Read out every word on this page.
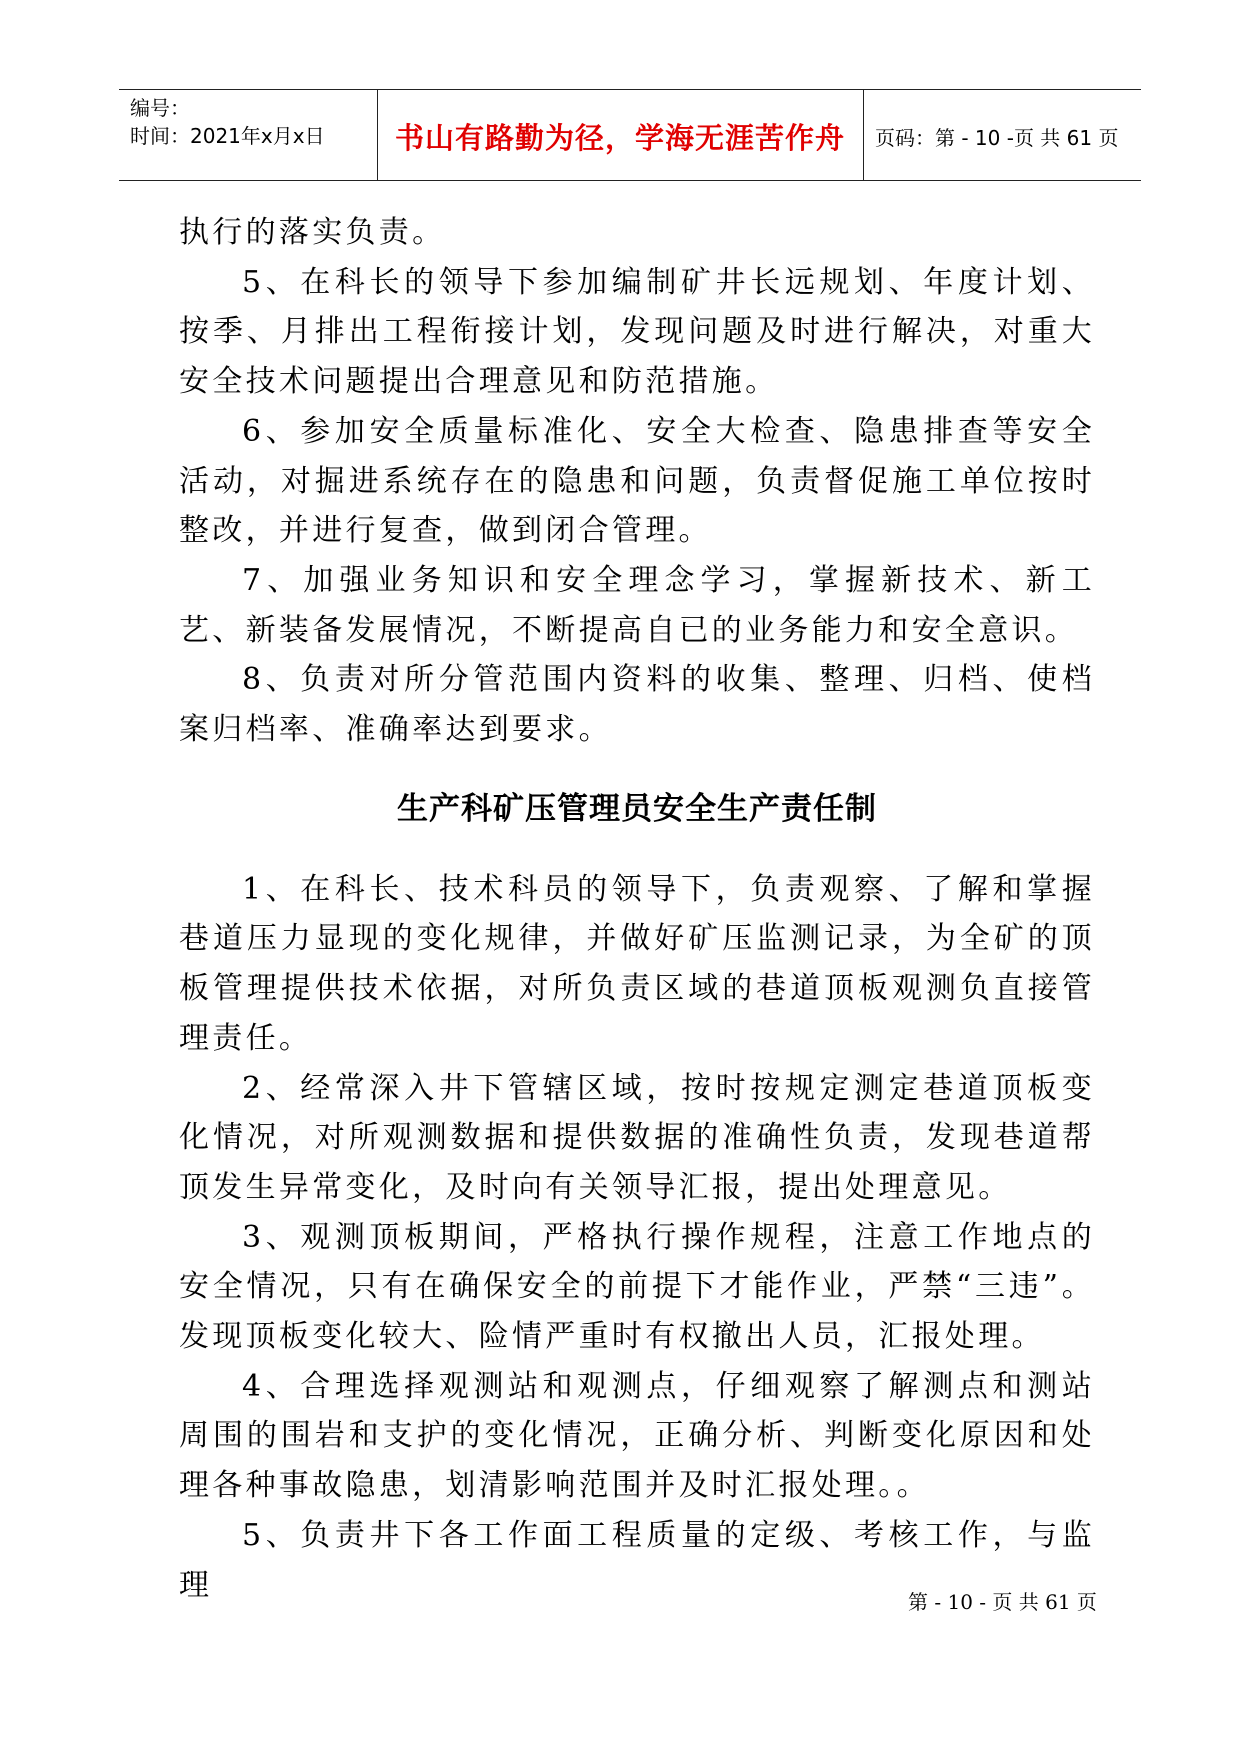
编号：
时间：2021年x月x日	书山有路勤为径，学海无涯苦作舟	页码：第 - 10 -页 共 61 页

执行的落实负责。

5、在科长的领导下参加编制矿井长远规划、年度计划、按季、月排出工程衔接计划，发现问题及时进行解决，对重大安全技术问题提出合理意见和防范措施。

6、参加安全质量标准化、安全大检查、隐患排查等安全活动，对掘进系统存在的隐患和问题，负责督促施工单位按时整改，并进行复查，做到闭合管理。

7、加强业务知识和安全理念学习，掌握新技术、新工艺、新装备发展情况，不断提高自已的业务能力和安全意识。

8、负责对所分管范围内资料的收集、整理、归档、使档案归档率、准确率达到要求。

生产科矿压管理员安全生产责任制

1、在科长、技术科员的领导下，负责观察、了解和掌握巷道压力显现的变化规律，并做好矿压监测记录，为全矿的顶板管理提供技术依据，对所负责区域的巷道顶板观测负直接管理责任。

2、经常深入井下管辖区域，按时按规定测定巷道顶板变化情况，对所观测数据和提供数据的准确性负责，发现巷道帮顶发生异常变化，及时向有关领导汇报，提出处理意见。

3、观测顶板期间，严格执行操作规程，注意工作地点的安全情况，只有在确保安全的前提下才能作业，严禁“三违”。发现顶板变化较大、险情严重时有权撤出人员，汇报处理。

4、合理选择观测站和观测点，仔细观察了解测点和测站周围的围岩和支护的变化情况，正确分析、判断变化原因和处理各种事故隐患，划清影响范围并及时汇报处理。。

5、负责井下各工作面工程质量的定级、考核工作，与监理	第 - 10 - 页 共 61 页
